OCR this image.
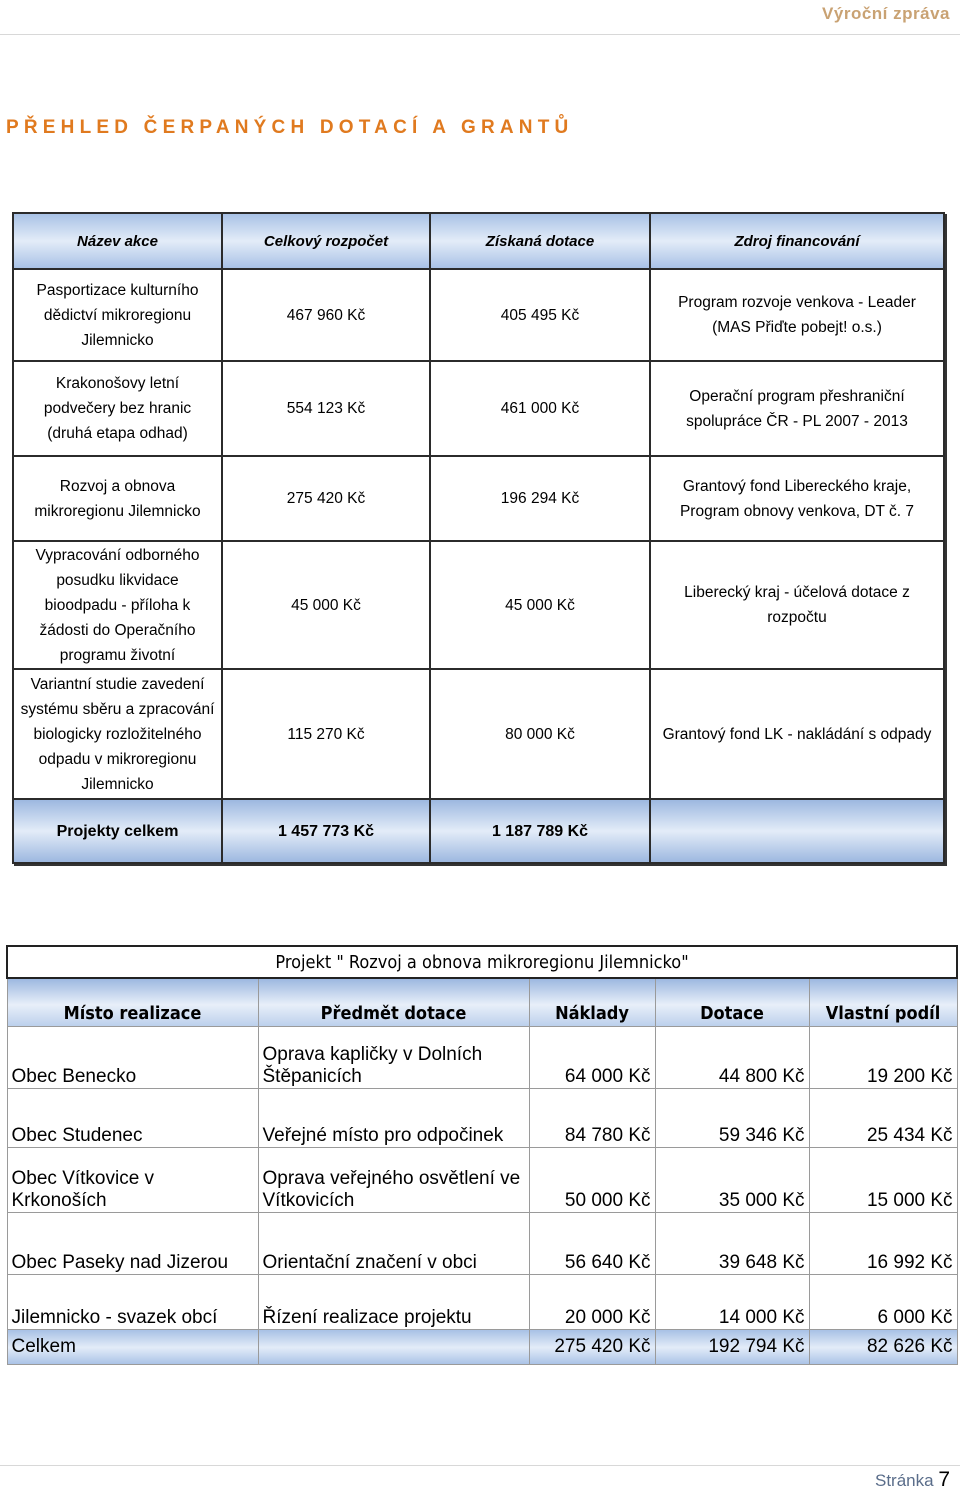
Výroční zpráva
PŘEHLED ČERPANÝCH DOTACÍ A GRANTŮ
Název akce	Celkový rozpočet	Získaná dotace	Zdroj financování
Pasportizace kulturního dědictví mikroregionu Jilemnicko	467 960 Kč	405 495 Kč	Program rozvoje venkova - Leader (MAS Přiďte pobejt! o.s.)
Krakonošovy letní podvečery bez hranic (druhá etapa odhad)	554 123 Kč	461 000 Kč	Operační program přeshraniční spolupráce ČR - PL 2007 - 2013
Rozvoj a obnova mikroregionu Jilemnicko	275 420 Kč	196 294 Kč	Grantový fond Libereckého kraje, Program obnovy venkova, DT č. 7
Vypracování odborného posudku likvidace bioodpadu - příloha k žádosti do Operačního programu životní	45 000 Kč	45 000 Kč	Liberecký kraj - účelová dotace z rozpočtu
Variantní studie zavedení systému sběru a zpracování biologicky rozložitelného odpadu v mikroregionu Jilemnicko	115 270 Kč	80 000 Kč	Grantový fond LK - nakládání s odpady
Projekty celkem	1 457 773 Kč	1 187 789 Kč	
Projekt " Rozvoj a obnova mikroregionu Jilemnicko"				
Místo realizace	Předmět dotace	Náklady	Dotace	Vlastní podíl
Obec Benecko	Oprava kapličky v Dolních Štěpanicích	64 000 Kč	44 800 Kč	19 200 Kč
Obec Studenec	Veřejné místo pro odpočinek	84 780 Kč	59 346 Kč	25 434 Kč
Obec Vítkovice v Krkonoších	Oprava veřejného osvětlení ve Vítkovicích	50 000 Kč	35 000 Kč	15 000 Kč
Obec Paseky nad Jizerou	Orientační značení v obci	56 640 Kč	39 648 Kč	16 992 Kč
Jilemnicko - svazek obcí	Řízení realizace projektu	20 000 Kč	14 000 Kč	6 000 Kč
Celkem		275 420 Kč	192 794 Kč	82 626 Kč
Stránka 7
